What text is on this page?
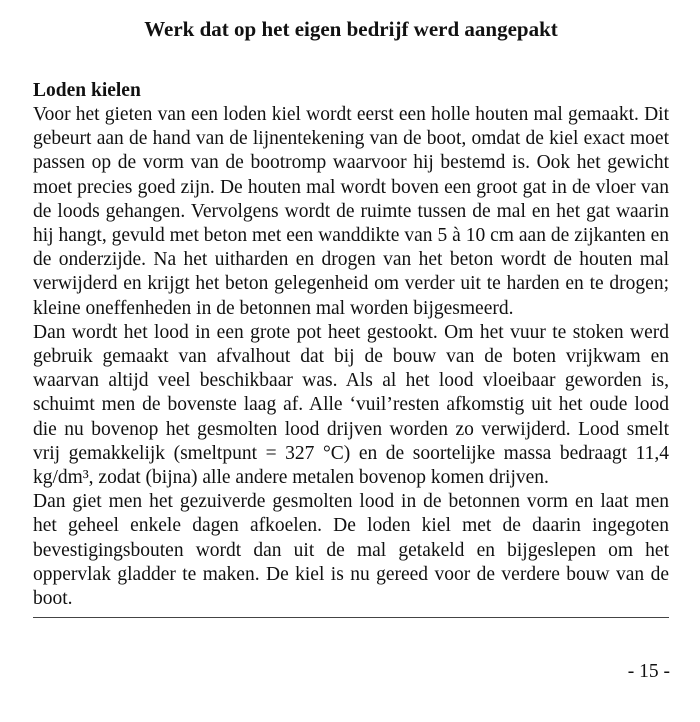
Werk dat op het eigen bedrijf werd aangepakt
Loden kielen

Voor het gieten van een loden kiel wordt eerst een holle houten mal gemaakt. Dit gebeurt aan de hand van de lijnentekening van de boot, omdat de kiel exact moet passen op de vorm van de bootromp waarvoor hij bestemd is. Ook het gewicht moet precies goed zijn. De houten mal wordt boven een groot gat in de vloer van de loods gehangen. Vervolgens wordt de ruimte tussen de mal en het gat waarin hij hangt, gevuld met beton met een wanddikte van 5 à 10 cm aan de zijkanten en de onderzijde. Na het uitharden en drogen van het beton wordt de houten mal verwijderd en krijgt het beton gelegenheid om verder uit te harden en te drogen; kleine oneffenheden in de betonnen mal worden bijgesmeerd.

Dan wordt het lood in een grote pot heet gestookt. Om het vuur te stoken werd gebruik gemaakt van afvalhout dat bij de bouw van de boten vrijkwam en waarvan altijd veel beschikbaar was. Als al het lood vloeibaar geworden is, schuimt men de bovenste laag af. Alle ‘vuil’resten afkomstig uit het oude lood die nu bovenop het gesmolten lood drijven worden zo verwijderd. Lood smelt vrij gemakkelijk (smeltpunt = 327 °C) en de soortelijke massa bedraagt 11,4 kg/dm³, zodat (bijna) alle andere metalen bovenop komen drijven.

Dan giet men het gezuiverde gesmolten lood in de betonnen vorm en laat men het geheel enkele dagen afkoelen. De loden kiel met de daarin ingegoten bevestigingsbouten wordt dan uit de mal getakeld en bijgeslepen om het oppervlak gladder te maken. De kiel is nu gereed voor de verdere bouw van de boot.

- 15 -
